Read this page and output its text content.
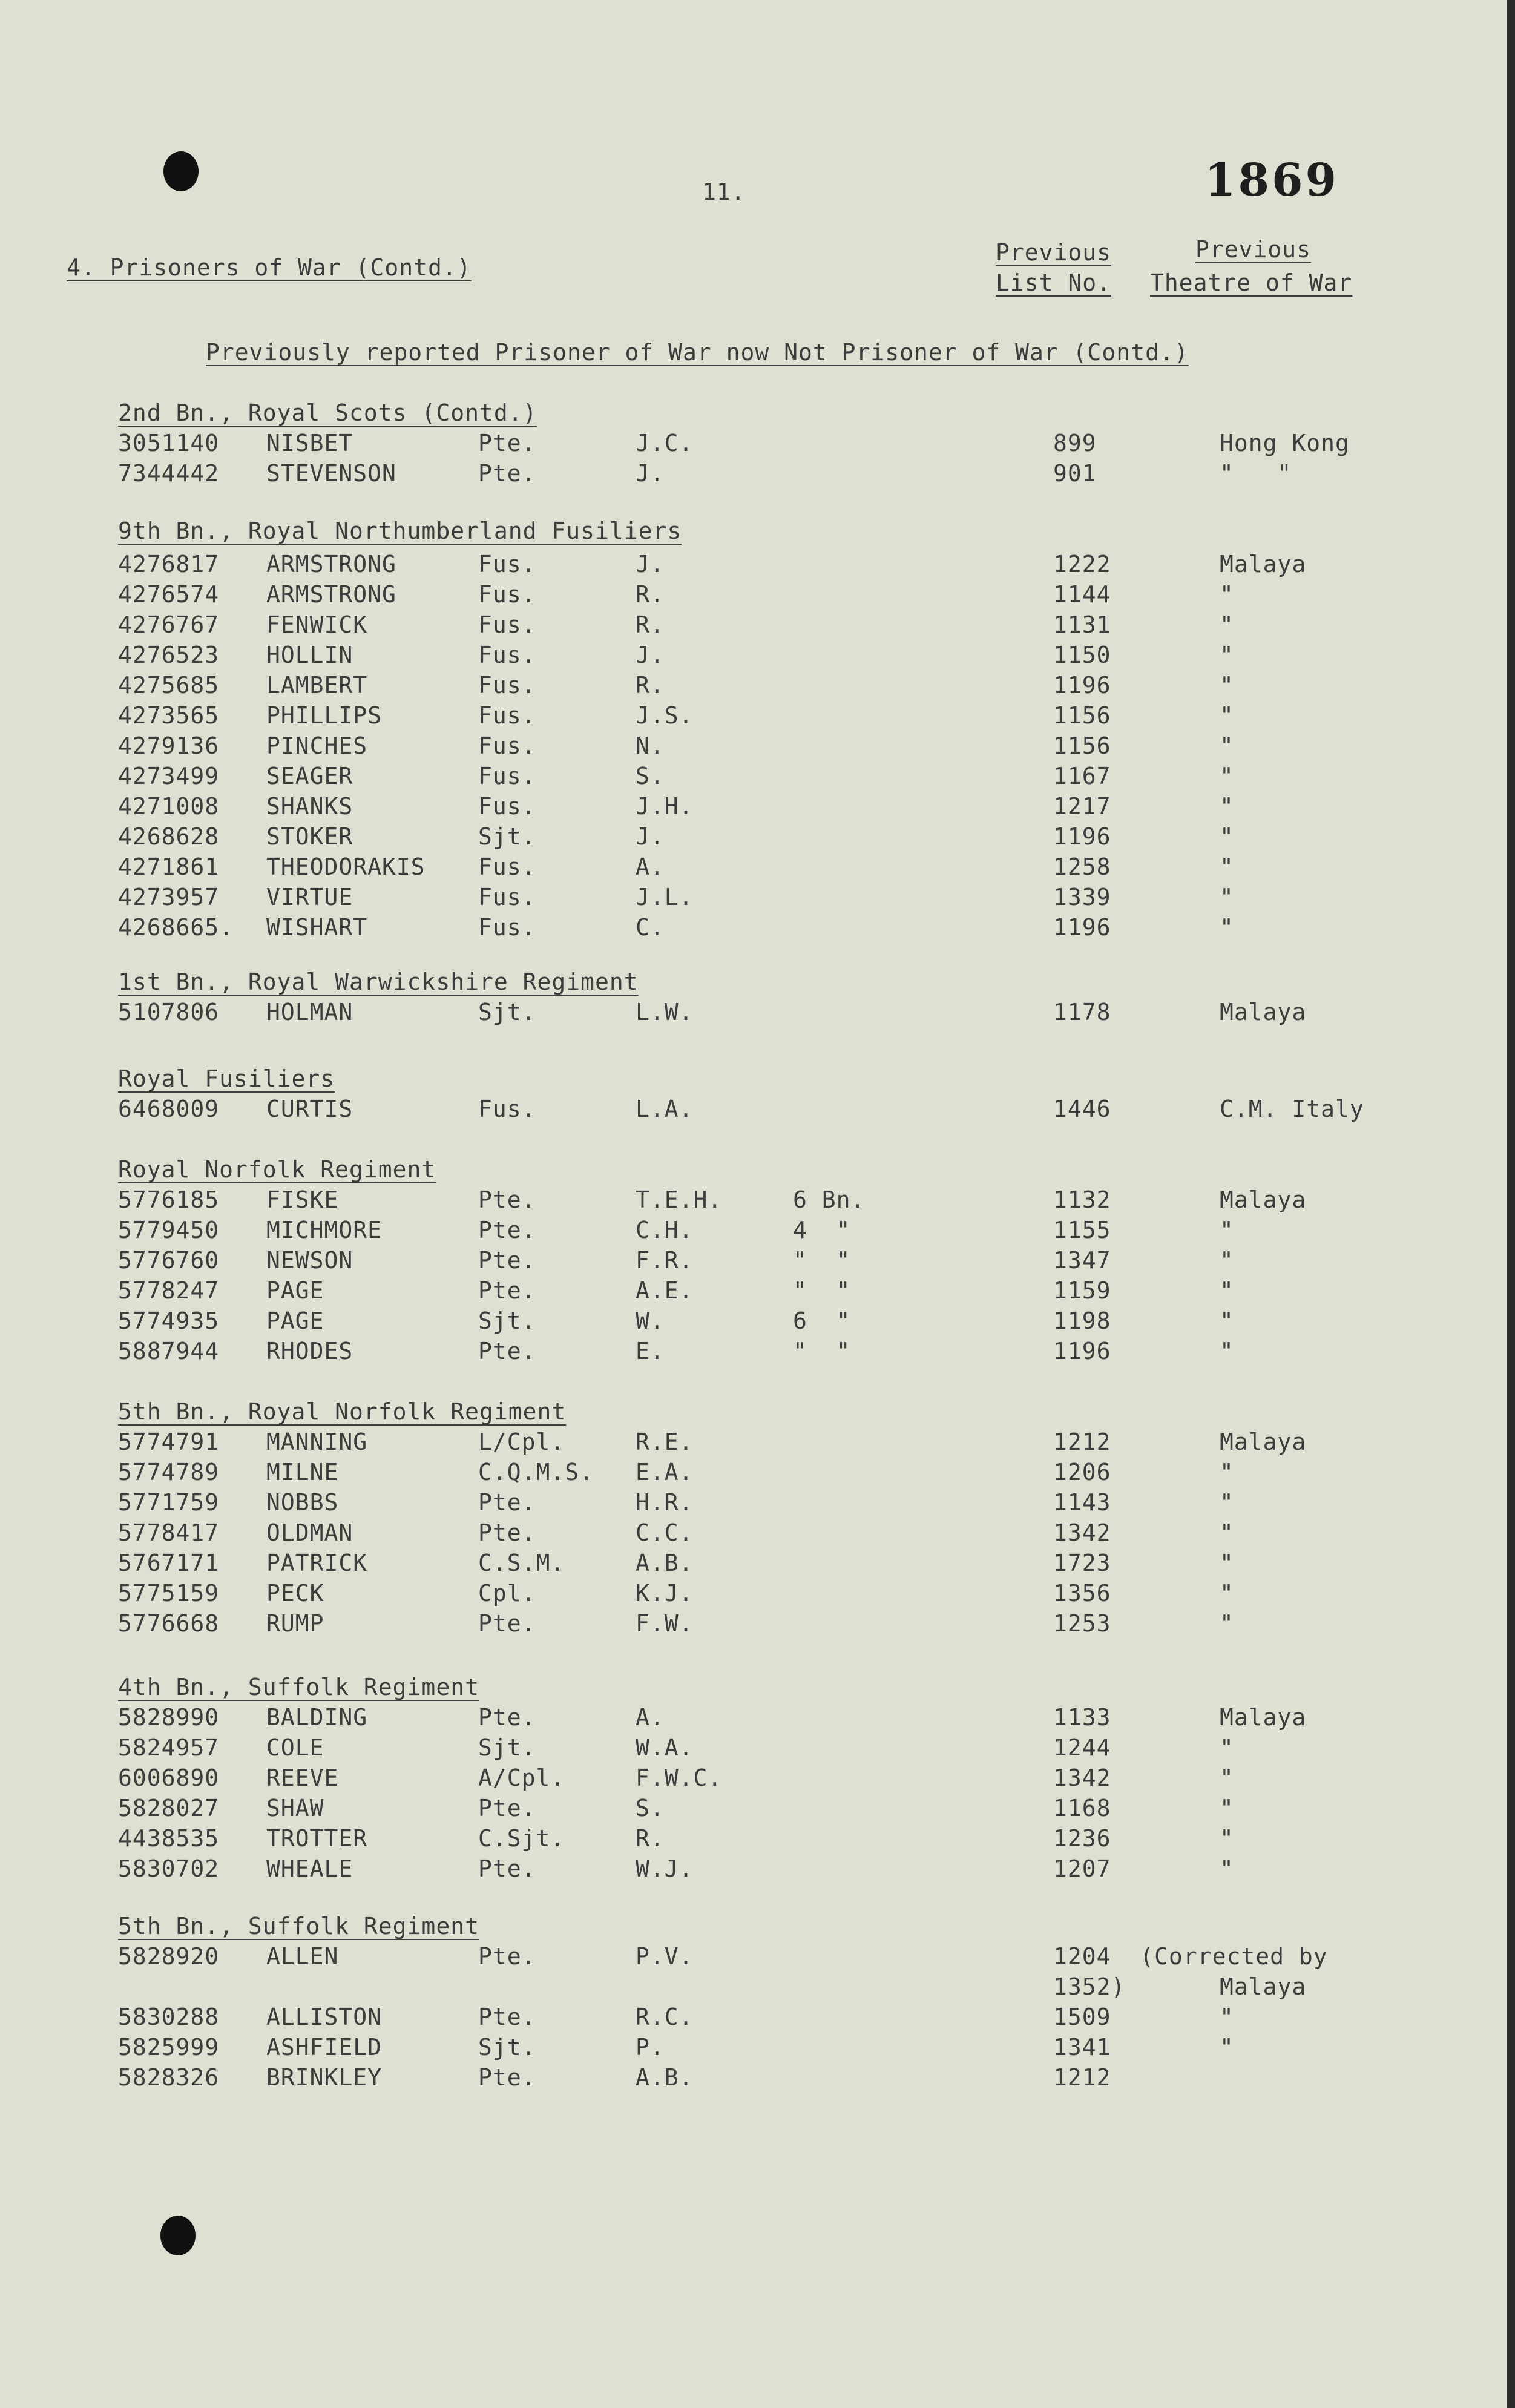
11.	1869
4. Prisoners of War (Contd.)
Previous
List No.
Previous
Theatre of War
Previously reported Prisoner of War now Not Prisoner of War (Contd.)
2nd Bn., Royal Scots (Contd.)
3051140 NISBET	Pte.	J.C.	899	Hong Kong
7344442 STEVENSON	Pte.	J.	901	"   "
9th Bn., Royal Northumberland Fusiliers
4276817 ARMSTRONG	Fus.	J.	1222	Malaya
4276574 ARMSTRONG	Fus.	R.	1144	"
4276767 FENWICK	Fus.	R.	1131	"
4276523 HOLLIN	Fus.	J.	1150	"
4275685 LAMBERT	Fus.	R.	1196	"
4273565 PHILLIPS	Fus.	J.S.	1156	"
4279136 PINCHES	Fus.	N.	1156	"
4273499 SEAGER	Fus.	S.	1167	"
4271008 SHANKS	Fus.	J.H.	1217	"
4268628 STOKER	Sjt.	J.	1196	"
4271861 THEODORAKIS Fus.	A.	1258	"
4273957 VIRTUE	Fus.	J.L.	1339	"
4268665. WISHART	Fus.	C.	1196	"
1st Bn., Royal Warwickshire Regiment
5107806 HOLMAN	Sjt.	L.W.	1178	Malaya
Royal Fusiliers
6468009 CURTIS	Fus.	L.A.	1446	C.M. Italy
Royal Norfolk Regiment
5776185 FISKE	Pte.	T.E.H.	6 Bn.	1132	Malaya
5779450 MICHMORE	Pte.	C.H.	4  "	1155	"
5776760 NEWSON	Pte.	F.R.	"  "	1347	"
5778247 PAGE	Pte.	A.E.	"  "	1159	"
5774935 PAGE	Sjt.	W.	6  "	1198	"
5887944 RHODES	Pte.	E.	"  "	1196	"
5th Bn., Royal Norfolk Regiment
5774791 MANNING	L/Cpl.	R.E.	1212	Malaya
5774789 MILNE	C.Q.M.S. E.A.	1206	"
5771759 NOBBS	Pte.	H.R.	1143	"
5778417 OLDMAN	Pte.	C.C.	1342	"
5767171 PATRICK	C.S.M.	A.B.	1723	"
5775159 PECK	Cpl.	K.J.	1356	"
5776668 RUMP	Pte.	F.W.	1253	"
4th Bn., Suffolk Regiment
5828990 BALDING	Pte.	A.	1133	Malaya
5824957 COLE	Sjt.	W.A.	1244	"
6006890 REEVE	A/Cpl.	F.W.C.	1342	"
5828027 SHAW	Pte.	S.	1168	"
4438535 TROTTER	C.Sjt.	R.	1236	"
5830702 WHEALE	Pte.	W.J.	1207	"
5th Bn., Suffolk Regiment
5828920 ALLEN	Pte.	P.V.	1204  (Corrected by
1352)	Malaya
5830288 ALLISTON	Pte.	R.C.	1509	"
5825999 ASHFIELD	Sjt.	P.	1341	"
5828326 BRINKLEY	Pte.	A.B.	1212
